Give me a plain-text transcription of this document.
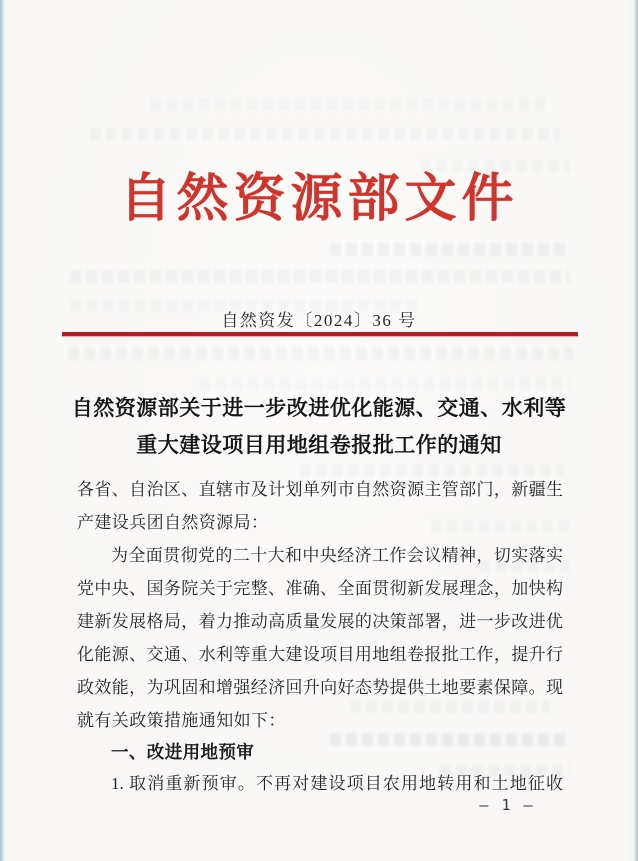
自然资源部文件
自然资发〔2024〕36 号
自然资源部关于进一步改进优化能源、交通、水利等
重大建设项目用地组卷报批工作的通知
各省、自治区、直辖市及计划单列市自然资源主管部门，新疆生
产建设兵团自然资源局：
为全面贯彻党的二十大和中央经济工作会议精神，切实落实
党中央、国务院关于完整、准确、全面贯彻新发展理念，加快构
建新发展格局，着力推动高质量发展的决策部署，进一步改进优
化能源、交通、水利等重大建设项目用地组卷报批工作，提升行
政效能，为巩固和增强经济回升向好态势提供土地要素保障。现
就有关政策措施通知如下：
一、改进用地预审
1. 取消重新预审。不再对建设项目农用地转用和土地征收
— 1 —
